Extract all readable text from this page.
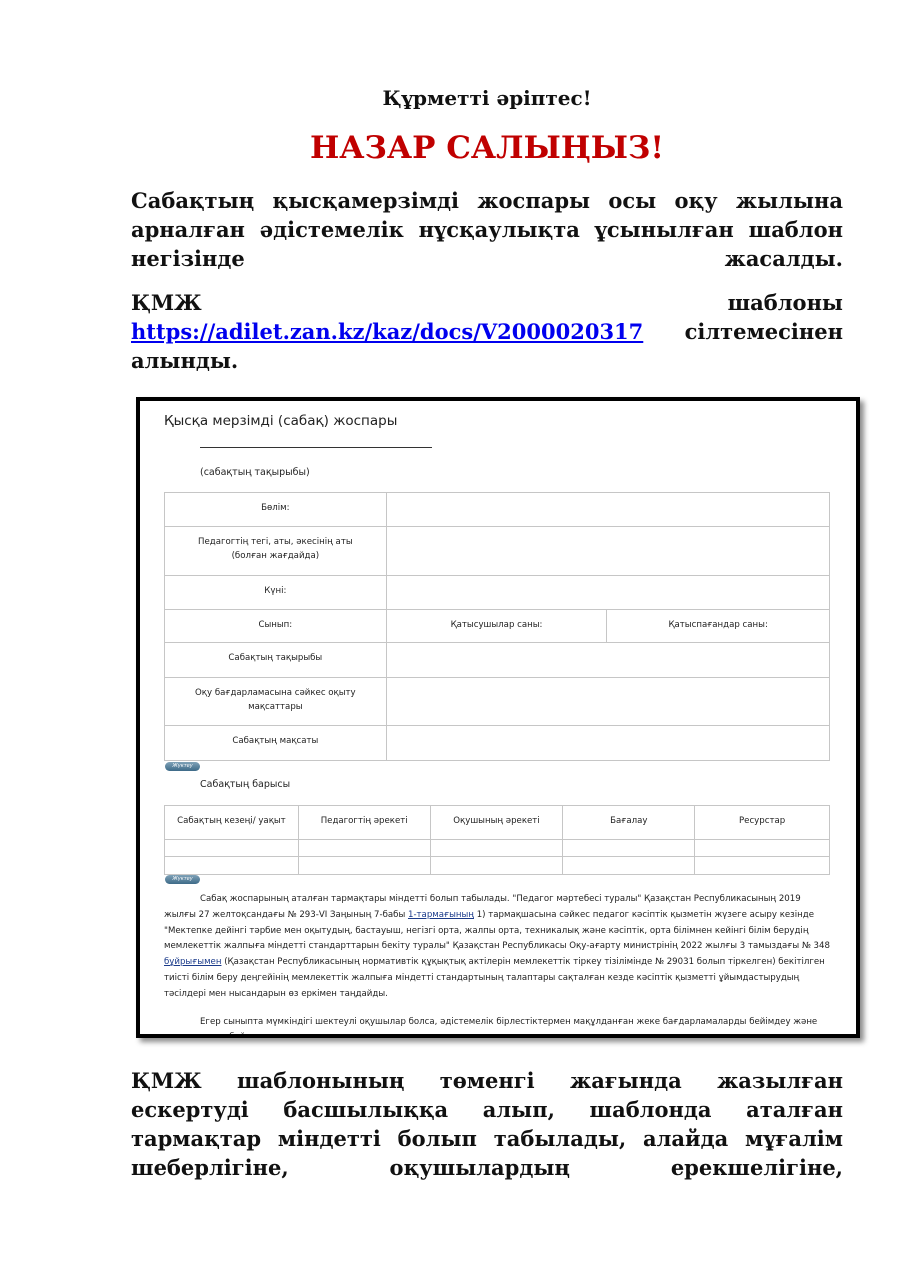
Құрметті әріптес!
НАЗАР САЛЫҢЫЗ!
Сабақтың қысқамерзімді жоспары осы оқу жылына арналған әдістемелік нұсқаулықта ұсынылған шаблон негізінде жасалды.
ҚМЖ шаблоны https://adilet.zan.kz/kaz/docs/V2000020317 сілтемесінен алынды.
Қысқа мерзімді (сабақ) жоспары
(сабақтың тақырыбы)
Бөлім:		
Педагогтің тегі, аты, әкесінің аты
(болған жағдайда)		
Күні:		
Сынып:	Қатысушылар саны:	Қатыспағандар саны:
Сабақтың тақырыбы		
Оқу бағдарламасына сәйкес оқыту
мақсаттары		
Сабақтың мақсаты		
Жүктеу
Сабақтың барысы
Сабақтың кезеңі/ уақыт	Педагогтің әрекеті	Оқушының әрекеті	Бағалау	Ресурстар

Жүктеу

Сабақ жоспарының аталған тармақтары міндетті болып табылады. "Педагог мәртебесі туралы" Қазақстан Республикасының 2019 жылғы 27 желтоқсандағы № 293-VI Заңының 7-бабы 1-тармағының 1) тармақшасына сәйкес педагог кәсіптік қызметін жүзеге асыру кезінде "Мектепке дейінгі тәрбие мен оқытудың, бастауыш, негізгі орта, жалпы орта, техникалық және кәсіптік, орта білімнен кейінгі білім берудің мемлекеттік жалпыға міндетті стандарттарын бекіту туралы" Қазақстан Республикасы Оқу-ағарту министрінің 2022 жылғы 3 тамыздағы № 348 бұйрығымен (Қазақстан Республикасының нормативтік құқықтық актілерін мемлекеттік тіркеу тізілімінде № 29031 болып тіркелген) бекітілген тиісті білім беру деңгейінің мемлекеттік жалпыға міндетті стандартының талаптары сақталған кезде кәсіптік қызметті ұйымдастырудың тәсілдері мен нысандарын өз еркімен таңдайды.

Егер сыныпта мүмкіндігі шектеулі оқушылар болса, әдістемелік бірлестіктермен мақұлданған жеке бағдарламаларды бейімдеу және жүзеге асыру бойынша әрекет қарастырылған.

ҚМЖ шаблонының төменгі жағында жазылған ескертуді басшылыққа алып, шаблонда аталған тармақтар міндетті болып табылады, алайда мұғалім шеберлігіне, оқушылардың ерекшелігіне,
